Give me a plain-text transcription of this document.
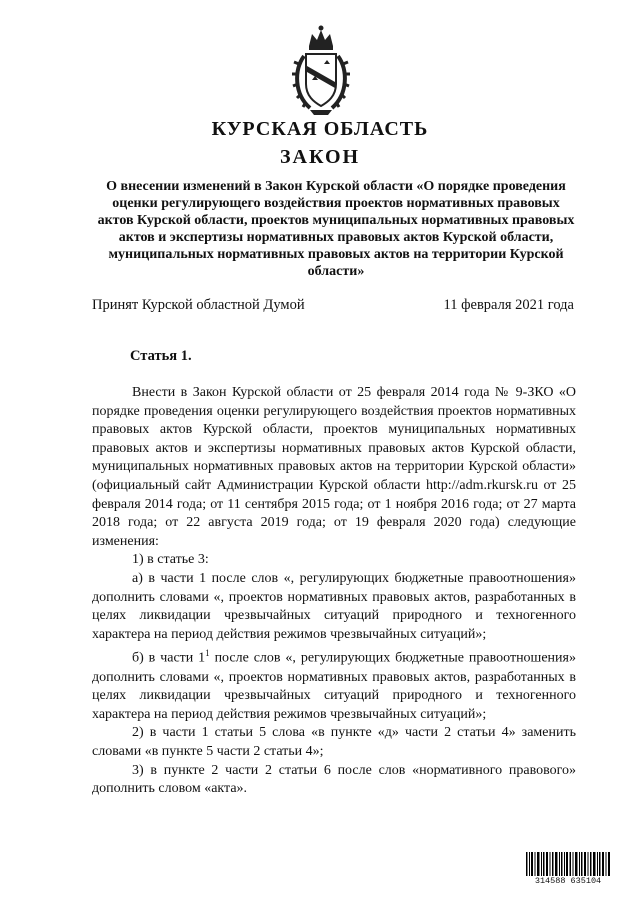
КУРСКАЯ ОБЛАСТЬ
ЗАКОН
О внесении изменений в Закон Курской области «О порядке проведения оценки регулирующего воздействия проектов нормативных правовых актов Курской области, проектов муниципальных нормативных правовых актов и экспертизы нормативных правовых актов Курской области, муниципальных нормативных правовых актов на территории Курской области»
Принят Курской областной Думой	11 февраля 2021 года
Статья 1.

Внести в Закон Курской области от 25 февраля 2014 года № 9-ЗКО «О порядке проведения оценки регулирующего воздействия проектов нормативных правовых актов Курской области, проектов муниципальных нормативных правовых актов и экспертизы нормативных правовых актов Курской области, муниципальных нормативных правовых актов на территории Курской области» (официальный сайт Администрации Курской области http://adm.rkursk.ru от 25 февраля 2014 года; от 11 сентября 2015 года; от 1 ноября 2016 года; от 27 марта 2018 года; от 22 августа 2019 года; от 19 февраля 2020 года) следующие изменения:

1) в статье 3:

а) в части 1 после слов «, регулирующих бюджетные правоотношения» дополнить словами «, проектов нормативных правовых актов, разработанных в целях ликвидации чрезвычайных ситуаций природного и техногенного характера на период действия режимов чрезвычайных ситуаций»;

б) в части $1^1$ после слов «, регулирующих бюджетные правоотношения» дополнить словами «, проектов нормативных правовых актов, разработанных в целях ликвидации чрезвычайных ситуаций природного и техногенного характера на период действия режимов чрезвычайных ситуаций»;

2) в части 1 статьи 5 слова «в пункте «д» части 2 статьи 4» заменить словами «в пункте 5 части 2 статьи 4»;

3) в пункте 2 части 2 статьи 6 после слов «нормативного правового» дополнить словом «акта».

314588 635104
